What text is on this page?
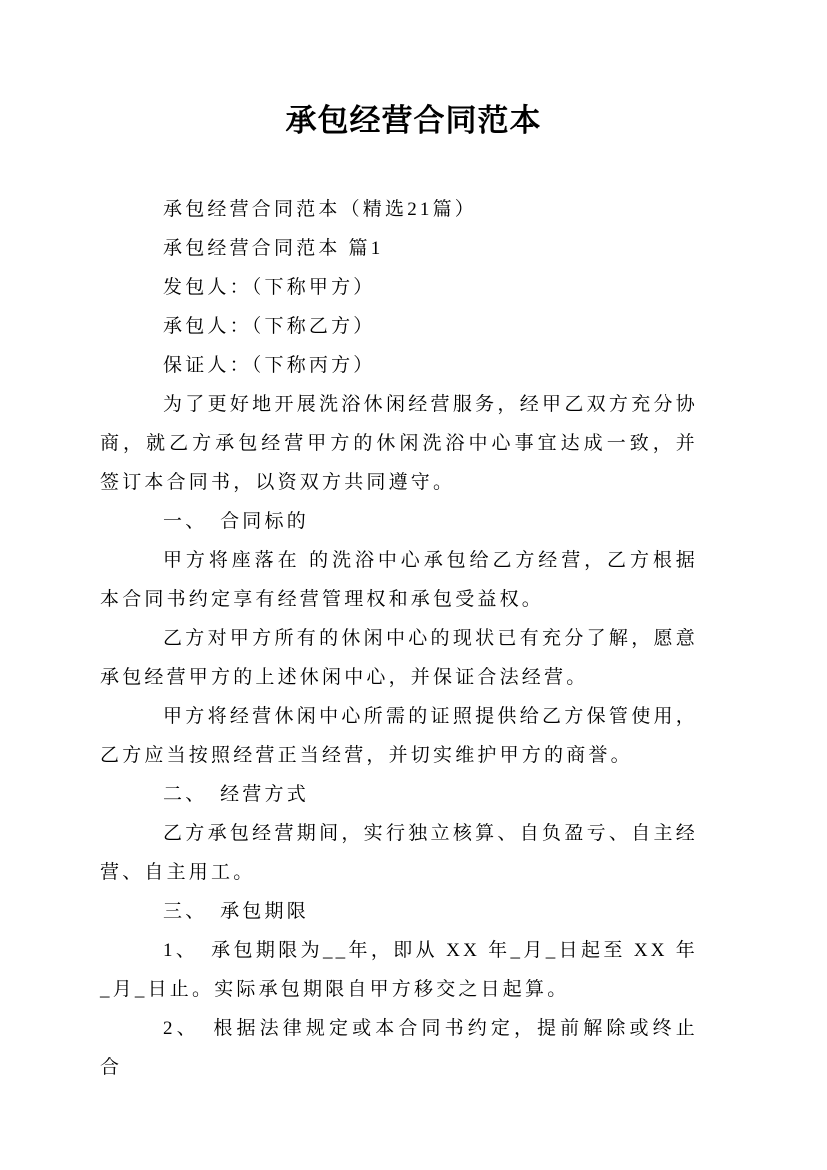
承包经营合同范本

承包经营合同范本（精选21篇）

承包经营合同范本 篇1

发包人：（下称甲方）

承包人：（下称乙方）

保证人：（下称丙方）

为了更好地开展洗浴休闲经营服务，经甲乙双方充分协商，就乙方承包经营甲方的休闲洗浴中心事宜达成一致，并签订本合同书，以资双方共同遵守。

一、　合同标的

甲方将座落在 的洗浴中心承包给乙方经营，乙方根据本合同书约定享有经营管理权和承包受益权。

乙方对甲方所有的休闲中心的现状已有充分了解，愿意承包经营甲方的上述休闲中心，并保证合法经营。

甲方将经营休闲中心所需的证照提供给乙方保管使用，乙方应当按照经营正当经营，并切实维护甲方的商誉。

二、　经营方式

乙方承包经营期间，实行独立核算、自负盈亏、自主经营、自主用工。

三、　承包期限

1、　承包期限为__年，即从 XX 年_月_日起至 XX 年_月_日止。实际承包期限自甲方移交之日起算。

2、　根据法律规定或本合同书约定，提前解除或终止合
